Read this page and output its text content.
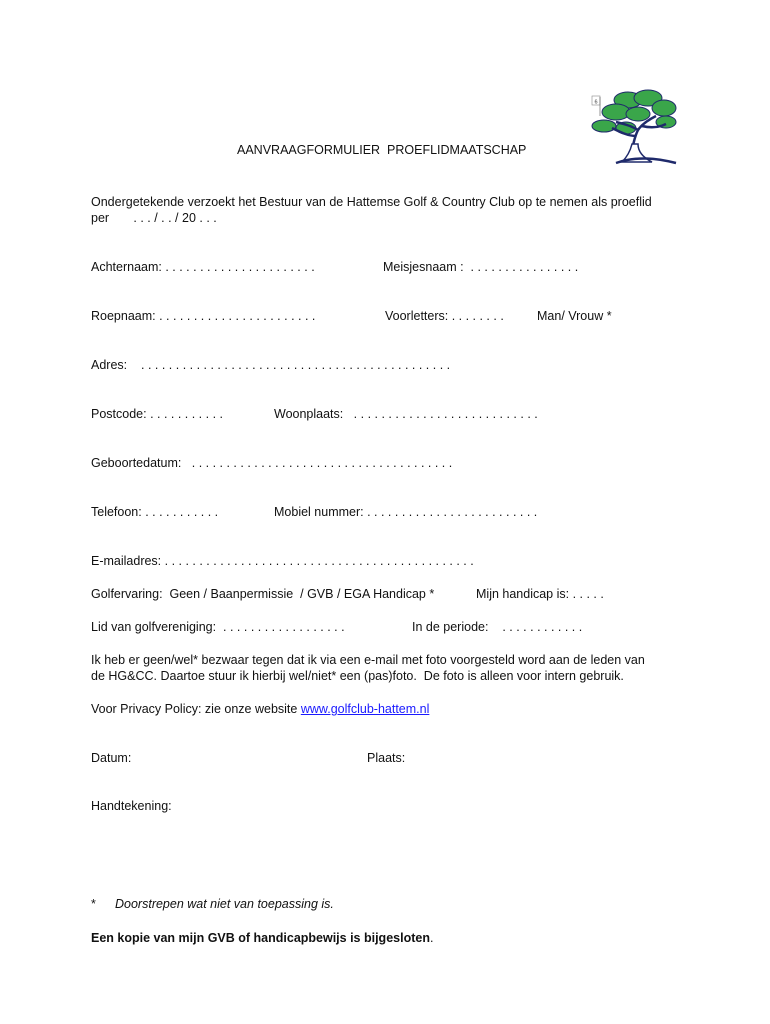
6
AANVRAAGFORMULIER  PROEFLIDMAATSCHAP
Ondergetekende verzoekt het Bestuur van de Hattemse Golf & Country Club op te nemen als proeflid
per       . . . / . . / 20 . . .
Achternaam: . . . . . . . . . . . . . . . . . . . . . .	Meisjesnaam :  . . . . . . . . . . . . . . . .
Roepnaam: . . . . . . . . . . . . . . . . . . . . . . .	Voorletters: . . . . . . . .	Man/ Vrouw *
Adres:    . . . . . . . . . . . . . . . . . . . . . . . . . . . . . . . . . . . . . . . . . . . . .
Postcode: . . . . . . . . . . .	Woonplaats:   . . . . . . . . . . . . . . . . . . . . . . . . . . .
Geboortedatum:   . . . . . . . . . . . . . . . . . . . . . . . . . . . . . . . . . . . . . .
Telefoon: . . . . . . . . . . .	Mobiel nummer: . . . . . . . . . . . . . . . . . . . . . . . . .
E-mailadres: . . . . . . . . . . . . . . . . . . . . . . . . . . . . . . . . . . . . . . . . . . . . .
Golfervaring:  Geen / Baanpermissie  / GVB / EGA Handicap *	Mijn handicap is: . . . . .
Lid van golfvereniging:  . . . . . . . . . . . . . . . . . .	In de periode:    . . . . . . . . . . . .
Ik heb er geen/wel* bezwaar tegen dat ik via een e-mail met foto voorgesteld word aan de leden van
de HG&CC. Daartoe stuur ik hierbij wel/niet* een (pas)foto.  De foto is alleen voor intern gebruik.
Voor Privacy Policy: zie onze website www.golfclub-hattem.nl
Datum:	Plaats:
Handtekening:
* Doorstrepen wat niet van toepassing is.
Een kopie van mijn GVB of handicapbewijs is bijgesloten.
